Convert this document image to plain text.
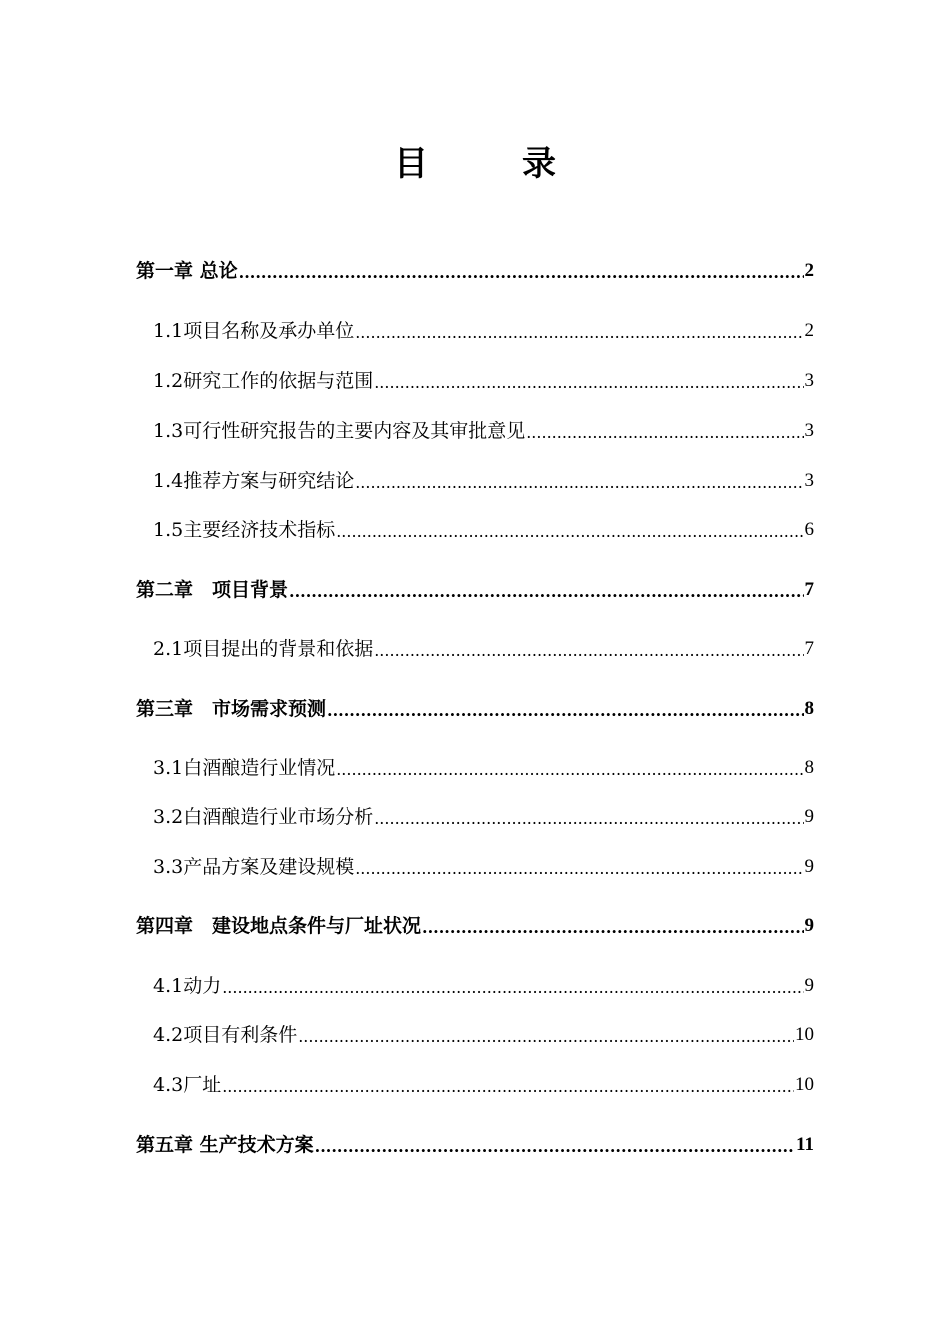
目　录
第一章 总论 .....	2
1.1项目名称及承办单位 .....	2
1.2研究工作的依据与范围 .....	3
1.3可行性研究报告的主要内容及其审批意见 .....	3
1.4推荐方案与研究结论 .....	3
1.5主要经济技术指标 .....	6
第二章　项目背景 .....	7
2.1项目提出的背景和依据 .....	7
第三章　市场需求预测 .....	8
3.1白酒酿造行业情况 .....	8
3.2白酒酿造行业市场分析 .....	9
3.3产品方案及建设规模 .....	9
第四章　建设地点条件与厂址状况 .....	9
4.1动力 .....	9
4.2项目有利条件 .....	10
4.3厂址 .....	10
第五章 生产技术方案 .....	11
